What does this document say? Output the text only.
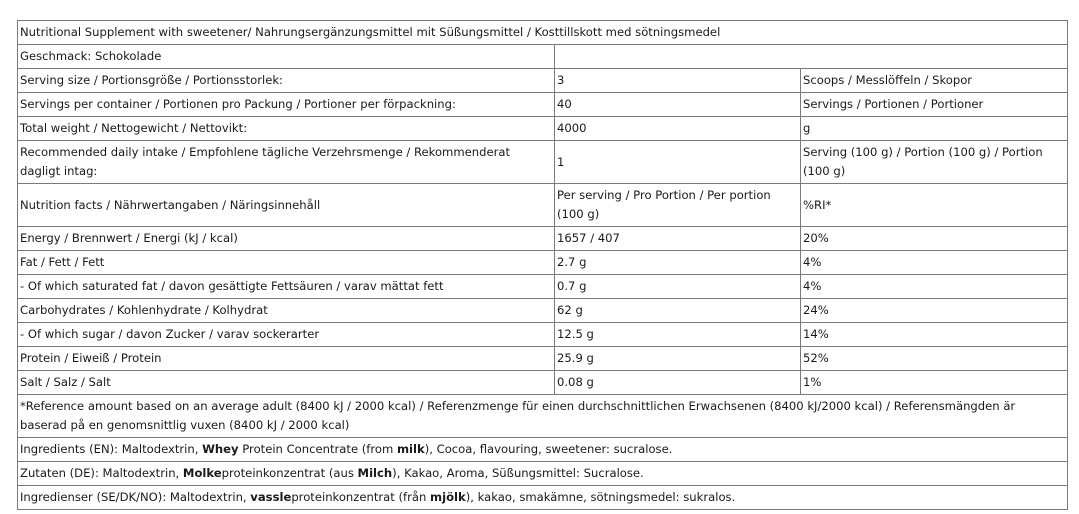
Nutritional Supplement with sweetener/ Nahrungsergänzungsmittel mit Süßungsmittel / Kosttillskott med sötningsmedel		
Geschmack: Schokolade		
Serving size / Portionsgröße / Portionsstorlek:	3	Scoops / Messlöffeln / Skopor
Servings per container / Portionen pro Packung / Portioner per förpackning:	40	Servings / Portionen / Portioner
Total weight / Nettogewicht / Nettovikt:	4000	g
Recommended daily intake / Empfohlene tägliche Verzehrsmenge / Rekommenderat dagligt intag:	1	Serving (100 g) / Portion (100 g) / Portion (100 g)
Nutrition facts / Nährwertangaben / Näringsinnehåll	Per serving / Pro Portion / Per portion (100 g)	%RI*
Energy / Brennwert / Energi (kJ / kcal)	1657 / 407	20%
Fat / Fett / Fett	2.7 g	4%
- Of which saturated fat / davon gesättigte Fettsäuren / varav mättat fett	0.7 g	4%
Carbohydrates / Kohlenhydrate / Kolhydrat	62 g	24%
- Of which sugar / davon Zucker / varav sockerarter	12.5 g	14%
Protein / Eiweiß / Protein	25.9 g	52%
Salt / Salz / Salt	0.08 g	1%
*Reference amount based on an average adult (8400 kJ / 2000 kcal) / Referenzmenge für einen durchschnittlichen Erwachsenen (8400 kJ/2000 kcal) / Referensmängden är baserad på en genomsnittlig vuxen (8400 kJ / 2000 kcal)		
Ingredients (EN): Maltodextrin, Whey Protein Concentrate (from milk), Cocoa, flavouring, sweetener: sucralose.		
Zutaten (DE): Maltodextrin, Molkeproteinkonzentrat (aus Milch), Kakao, Aroma, Süßungsmittel: Sucralose.		
Ingredienser (SE/DK/NO): Maltodextrin, vassleproteinkonzentrat (från mjölk), kakao, smakämne, sötningsmedel: sukralos.		
